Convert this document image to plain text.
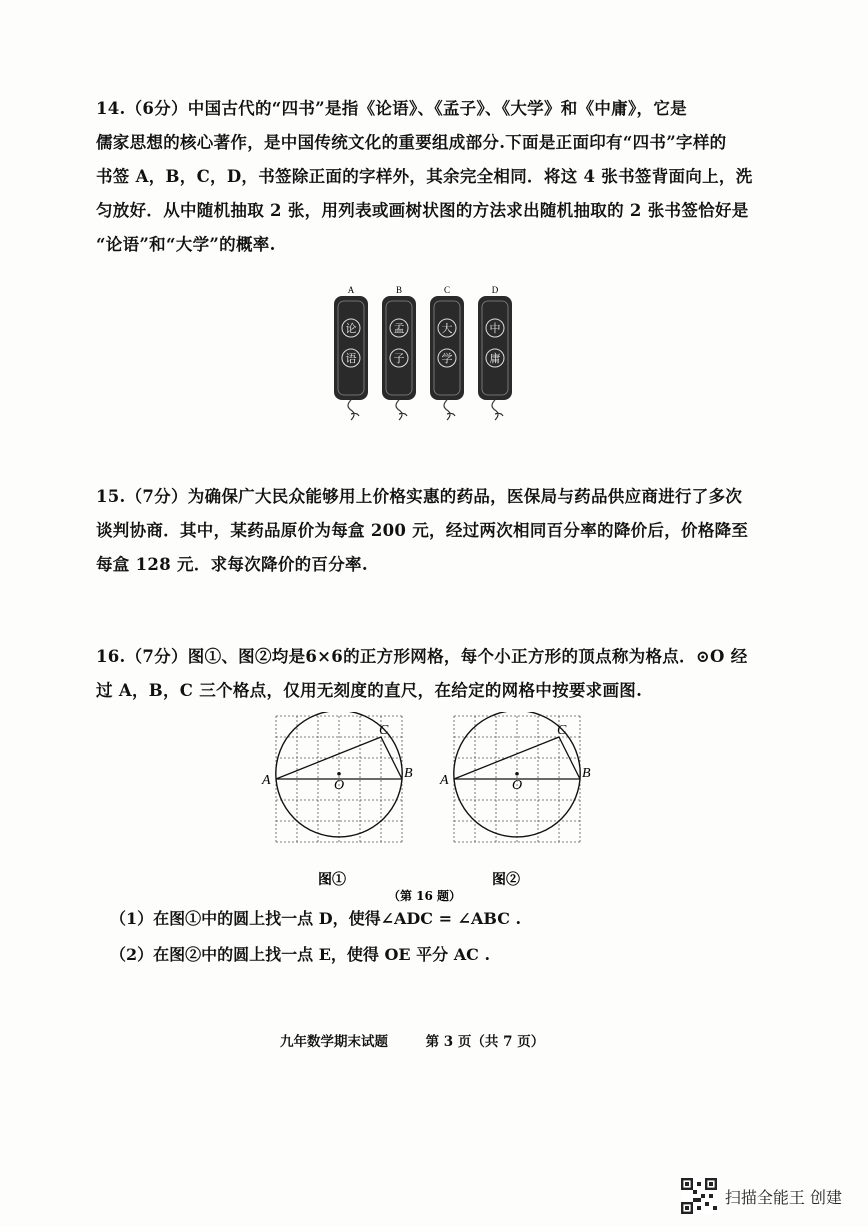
14.（6分）中国古代的“四书”是指《论语》、《孟子》、《大学》和《中庸》，它是

儒家思想的核心著作，是中国传统文化的重要组成部分.下面是正面印有“四书”字样的

书签 A，B，C，D，书签除正面的字样外，其余完全相同．将这 4 张书签背面向上，洗

匀放好．从中随机抽取 2 张，用列表或画树状图的方法求出随机抽取的 2 张书签恰好是

“论语”和“大学”的概率.

A
论
语
B
孟
子
C
大
学
D
中
庸

15.（7分）为确保广大民众能够用上价格实惠的药品，医保局与药品供应商进行了多次

谈判协商．其中，某药品原价为每盒 200 元，经过两次相同百分率的降价后，价格降至

每盒 128 元．求每次降价的百分率.

16.（7分）图①、图②均是6×6的正方形网格，每个小正方形的顶点称为格点．⊙O 经

过 A，B，C 三个格点，仅用无刻度的直尺，在给定的网格中按要求画图.

A	B
C
O	A	B
C
O
图①	图②
（第 16 题）
（1）在图①中的圆上找一点 D，使得∠ADC = ∠ABC .
（2）在图②中的圆上找一点 E，使得 OE 平分 AC .
九年数学期末试题	第 3 页（共 7 页）
扫描全能王 创建
